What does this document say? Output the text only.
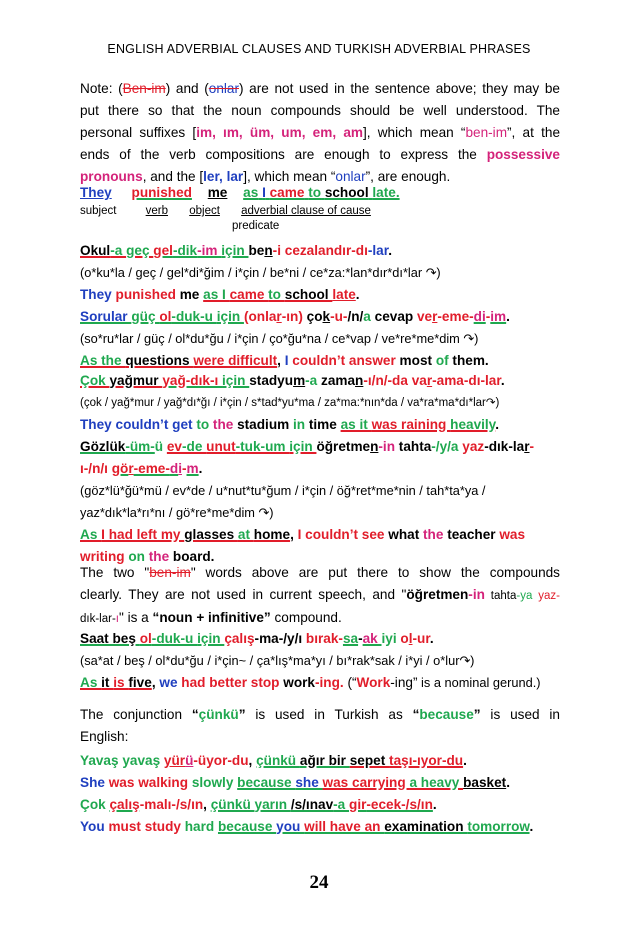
ENGLISH ADVERBIAL CLAUSES AND TURKISH ADVERBIAL PHRASES

Note: (Ben-im) and (onlar) are not used in the sentence above; they may be

put there so that the noun compounds should be well understood. The

personal suffixes [im, ım, üm, um, em, am], which mean “ben-im”, at the

ends of the verb compositions are enough to express the possessive

pronouns, and the [ler, lar], which mean “onlar”, are enough.

They punished me as I came to school late.

subject	verb object adverbial clause of cause
predicate

Okul-a geç gel-dik-im için ben-i cezalandır-dı-lar.

(o*ku*la / geç / gel*di*ğim / i*çin / be*ni / ce*za:*lan*dır*dı*lar ↷)

They punished me as I came to school late.

Sorular güç ol-duk-u için (onlar-ın) çok-u-/n/a cevap ver-eme-di-im.

(so*ru*lar / güç / ol*du*ğu / i*çin / ço*ğu*na / ce*vap / ve*re*me*dim ↷)

As the questions were difficult, I couldn’t answer most of them.

Çok yağmur yağ-dık-ı için stadyum-a zaman-ı/n/-da var-ama-dı-lar.

(çok / yağ*mur / yağ*dı*ğı / i*çin / s*tad*yu*ma / za*ma:*nın*da / va*ra*ma*dı*lar↷)

They couldn’t get to the stadium in time as it was raining heavily.

Gözlük-üm-ü ev-de unut-tuk-um için öğretmen-in tahta-/y/a yaz-dık-lar-

ı-/n/ı gör-eme-di-m.

(göz*lü*ğü*mü / ev*de / u*nut*tu*ğum / i*çin / öğ*ret*me*nin / tah*ta*ya /

yaz*dık*la*rı*nı / gö*re*me*dim ↷)

As I had left my glasses at home, I couldn’t see what the teacher was

writing on the board.

The two "ben-im" words above are put there to show the compounds

clearly. They are not used in current speech, and "öğretmen-in tahta-ya yaz-

dık-lar-ı" is a “noun + infinitive” compound.

Saat beş ol-duk-u için çalış-ma-/y/ı bırak-sa-ak iyi ol-ur.

(sa*at / beş / ol*du*ğu / i*çin~ / ça*lış*ma*yı / bı*rak*sak / i*yi / o*lur↷)

As it is five, we had better stop work-ing. (“Work-ing” is a nominal gerund.)

The conjunction “çünkü” is used in Turkish as “because” is used in

English:

Yavaş yavaş yürü-üyor-du, çünkü ağır bir sepet taşı-ıyor-du.

She was walking slowly because she was carrying a heavy basket.

Çok çalış-malı-/s/ın, çünkü yarın /s/ınav-a gir-ecek-/s/ın.

You must study hard because you will have an examination tomorrow.

24
